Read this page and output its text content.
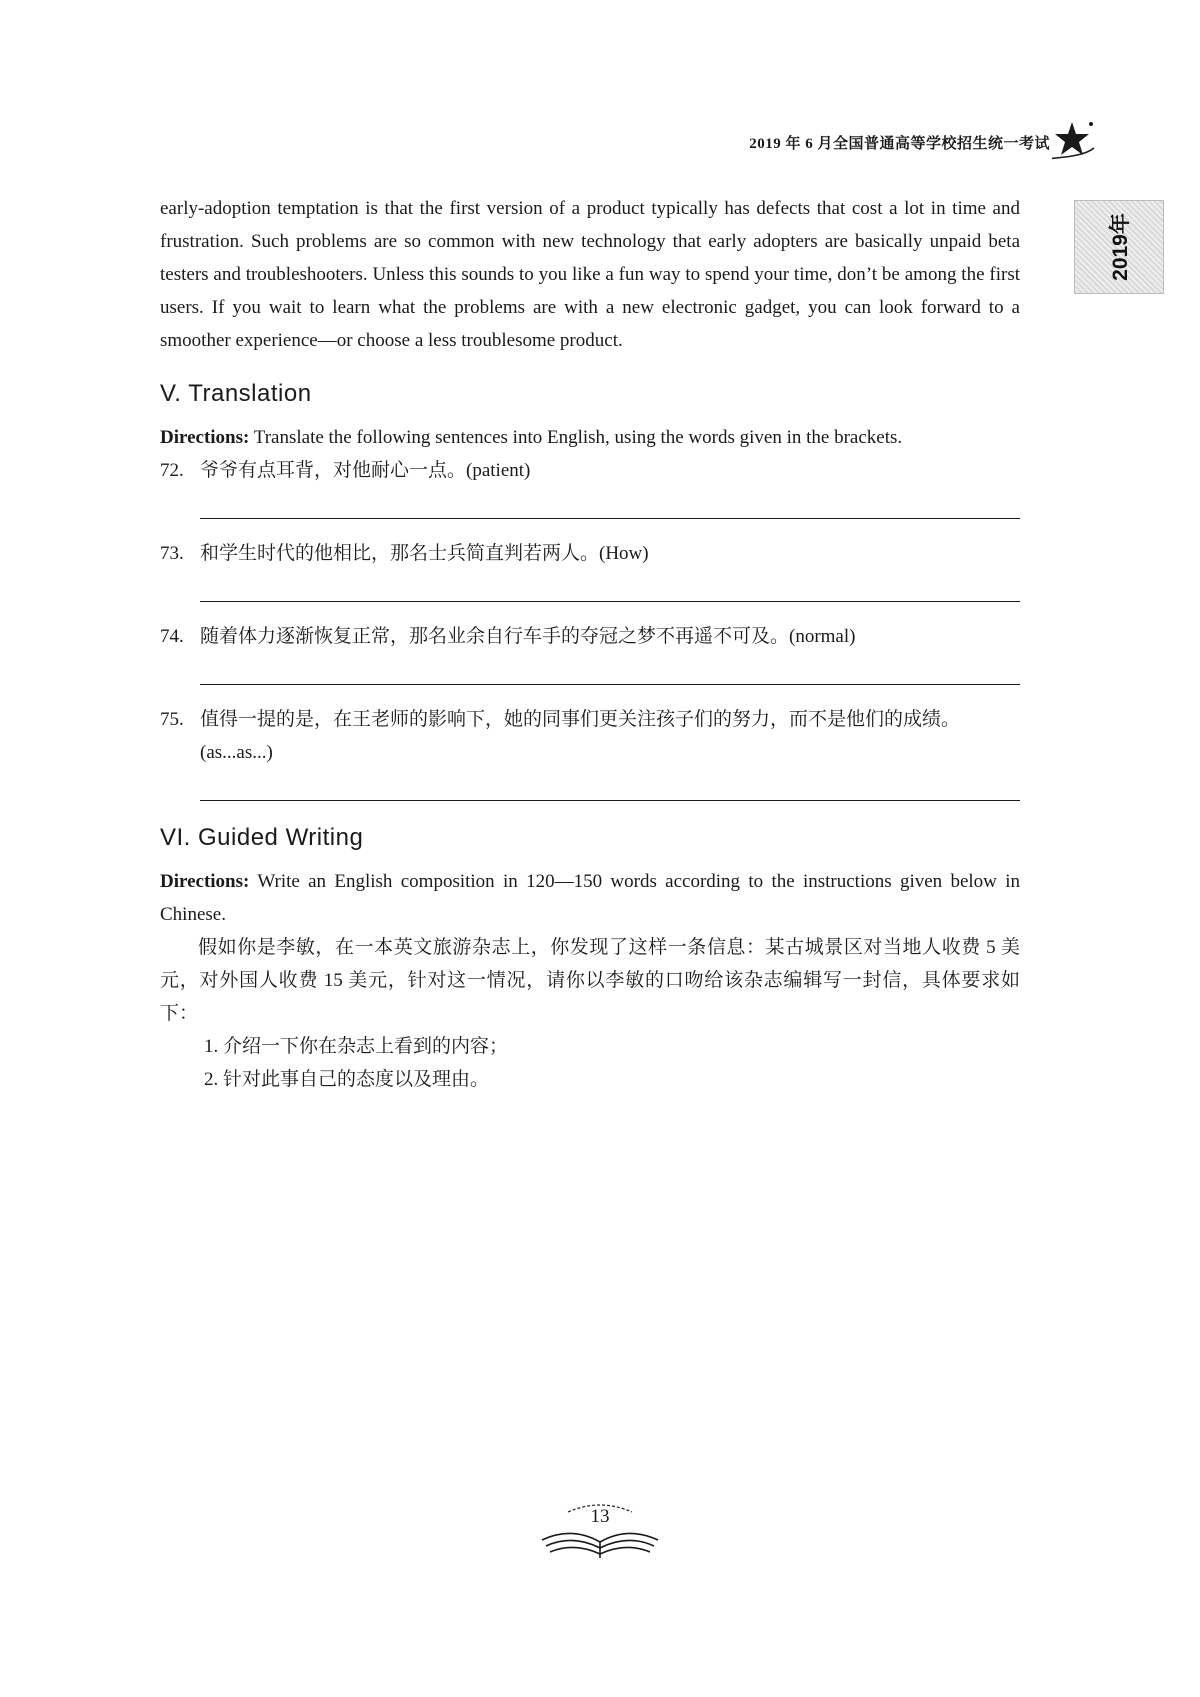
2019 年 6 月全国普通高等学校招生统一考试
2019年

early-adoption temptation is that the first version of a product typically has defects that cost a lot in time and frustration. Such problems are so common with new technology that early adopters are basically unpaid beta testers and troubleshooters. Unless this sounds to you like a fun way to spend your time, don’t be among the first users. If you wait to learn what the problems are with a new electronic gadget, you can look forward to a smoother experience—or choose a less troublesome product.

V. Translation

Directions: Translate the following sentences into English, using the words given in the brackets.

72. 爷爷有点耳背，对他耐心一点。(patient)
73. 和学生时代的他相比，那名士兵简直判若两人。(How)
74. 随着体力逐渐恢复正常，那名业余自行车手的夺冠之梦不再遥不可及。(normal)
75. 值得一提的是，在王老师的影响下，她的同事们更关注孩子们的努力，而不是他们的成绩。(as...as...)
VI. Guided Writing

Directions: Write an English composition in 120—150 words according to the instructions given below in Chinese.

假如你是李敏，在一本英文旅游杂志上，你发现了这样一条信息：某古城景区对当地人收费 5 美元，对外国人收费 15 美元，针对这一情况，请你以李敏的口吻给该杂志编辑写一封信，具体要求如下：

1. 介绍一下你在杂志上看到的内容；
2. 针对此事自己的态度以及理由。
13
